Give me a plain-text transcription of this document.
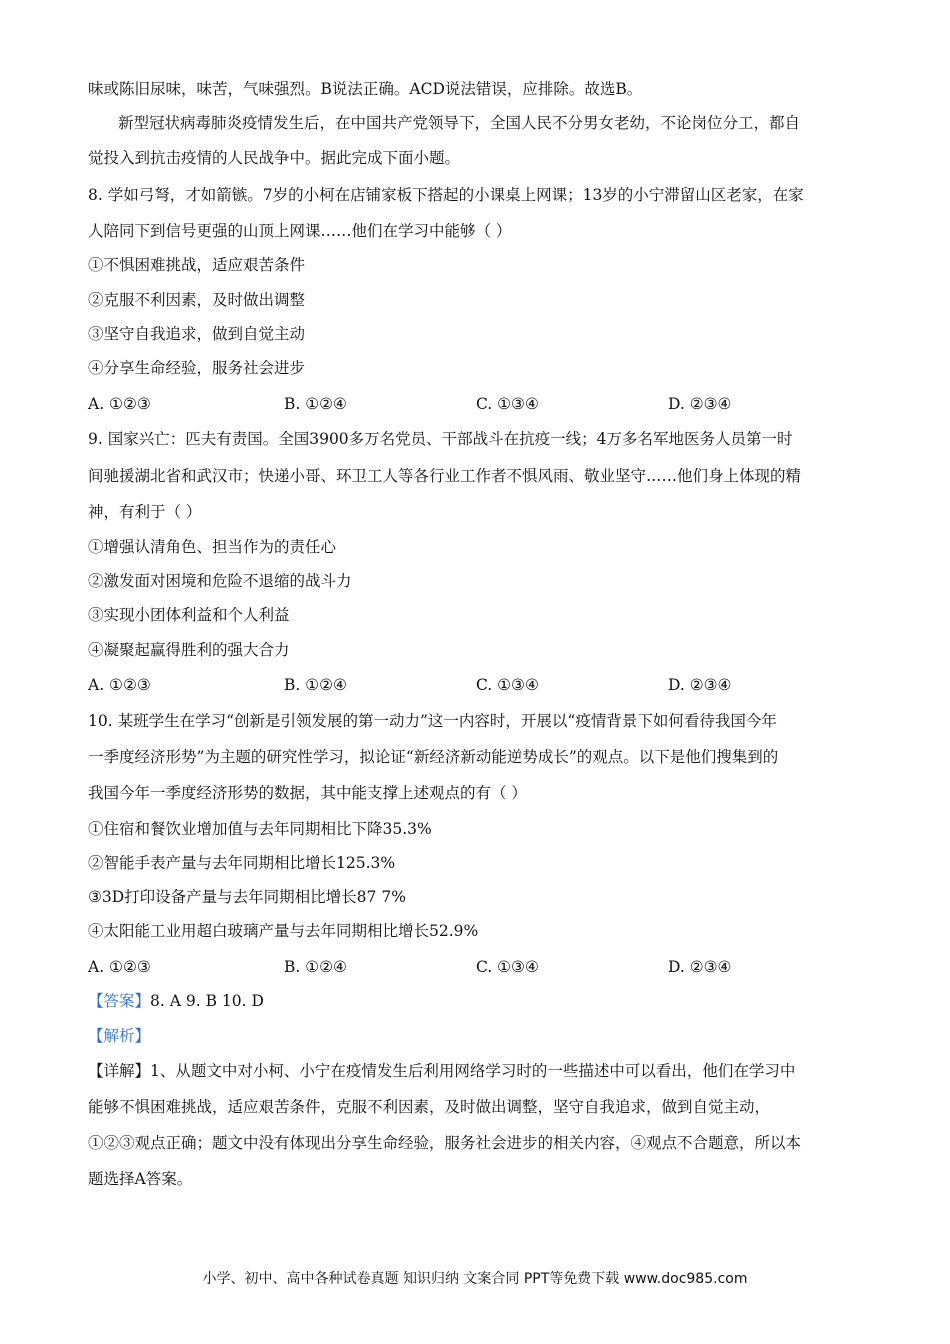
味或陈旧尿味，味苦，气味强烈。B说法正确。ACD说法错误，应排除。故选B。
新型冠状病毒肺炎疫情发生后，在中国共产党领导下，全国人民不分男女老幼，不论岗位分工，都自
觉投入到抗击疫情的人民战争中。据此完成下面小题。
8. 学如弓弩，才如箭镞。7岁的小柯在店铺家板下搭起的小课桌上网课；13岁的小宁滞留山区老家，在家
人陪同下到信号更强的山顶上网课……他们在学习中能够（ ）
①不惧困难挑战，适应艰苦条件
②克服不利因素，及时做出调整
③坚守自我追求，做到自觉主动
④分享生命经验，服务社会进步
A. ①②③	B. ①②④	C. ①③④	D. ②③④
9. 国家兴亡：匹夫有责国。全国3900多万名党员、干部战斗在抗疫一线；4万多名军地医务人员第一时
间驰援湖北省和武汉市；快递小哥、环卫工人等各行业工作者不惧风雨、敬业坚守……他们身上体现的精
神，有利于（ ）
①增强认清角色、担当作为的责任心
②激发面对困境和危险不退缩的战斗力
③实现小团体利益和个人利益
④凝聚起赢得胜利的强大合力
A. ①②③	B. ①②④	C. ①③④	D. ②③④
10. 某班学生在学习“创新是引领发展的第一动力”这一内容时，开展以“疫情背景下如何看待我国今年
一季度经济形势”为主题的研究性学习，拟论证“新经济新动能逆势成长”的观点。以下是他们搜集到的
我国今年一季度经济形势的数据，其中能支撑上述观点的有（ ）
①住宿和餐饮业增加值与去年同期相比下降35.3%
②智能手表产量与去年同期相比增长125.3%
③3D打印设备产量与去年同期相比增长87 7%
④太阳能工业用超白玻璃产量与去年同期相比增长52.9%
A. ①②③	B. ①②④	C. ①③④	D. ②③④
【答案】8. A 9. B 10. D
【解析】
【详解】1、从题文中对小柯、小宁在疫情发生后利用网络学习时的一些描述中可以看出，他们在学习中
能够不惧困难挑战，适应艰苦条件，克服不利因素，及时做出调整，坚守自我追求，做到自觉主动，
①②③观点正确；题文中没有体现出分享生命经验，服务社会进步的相关内容，④观点不合题意，所以本
题选择A答案。
小学、初中、高中各种试卷真题 知识归纳 文案合同 PPT等免费下载 www.doc985.com
